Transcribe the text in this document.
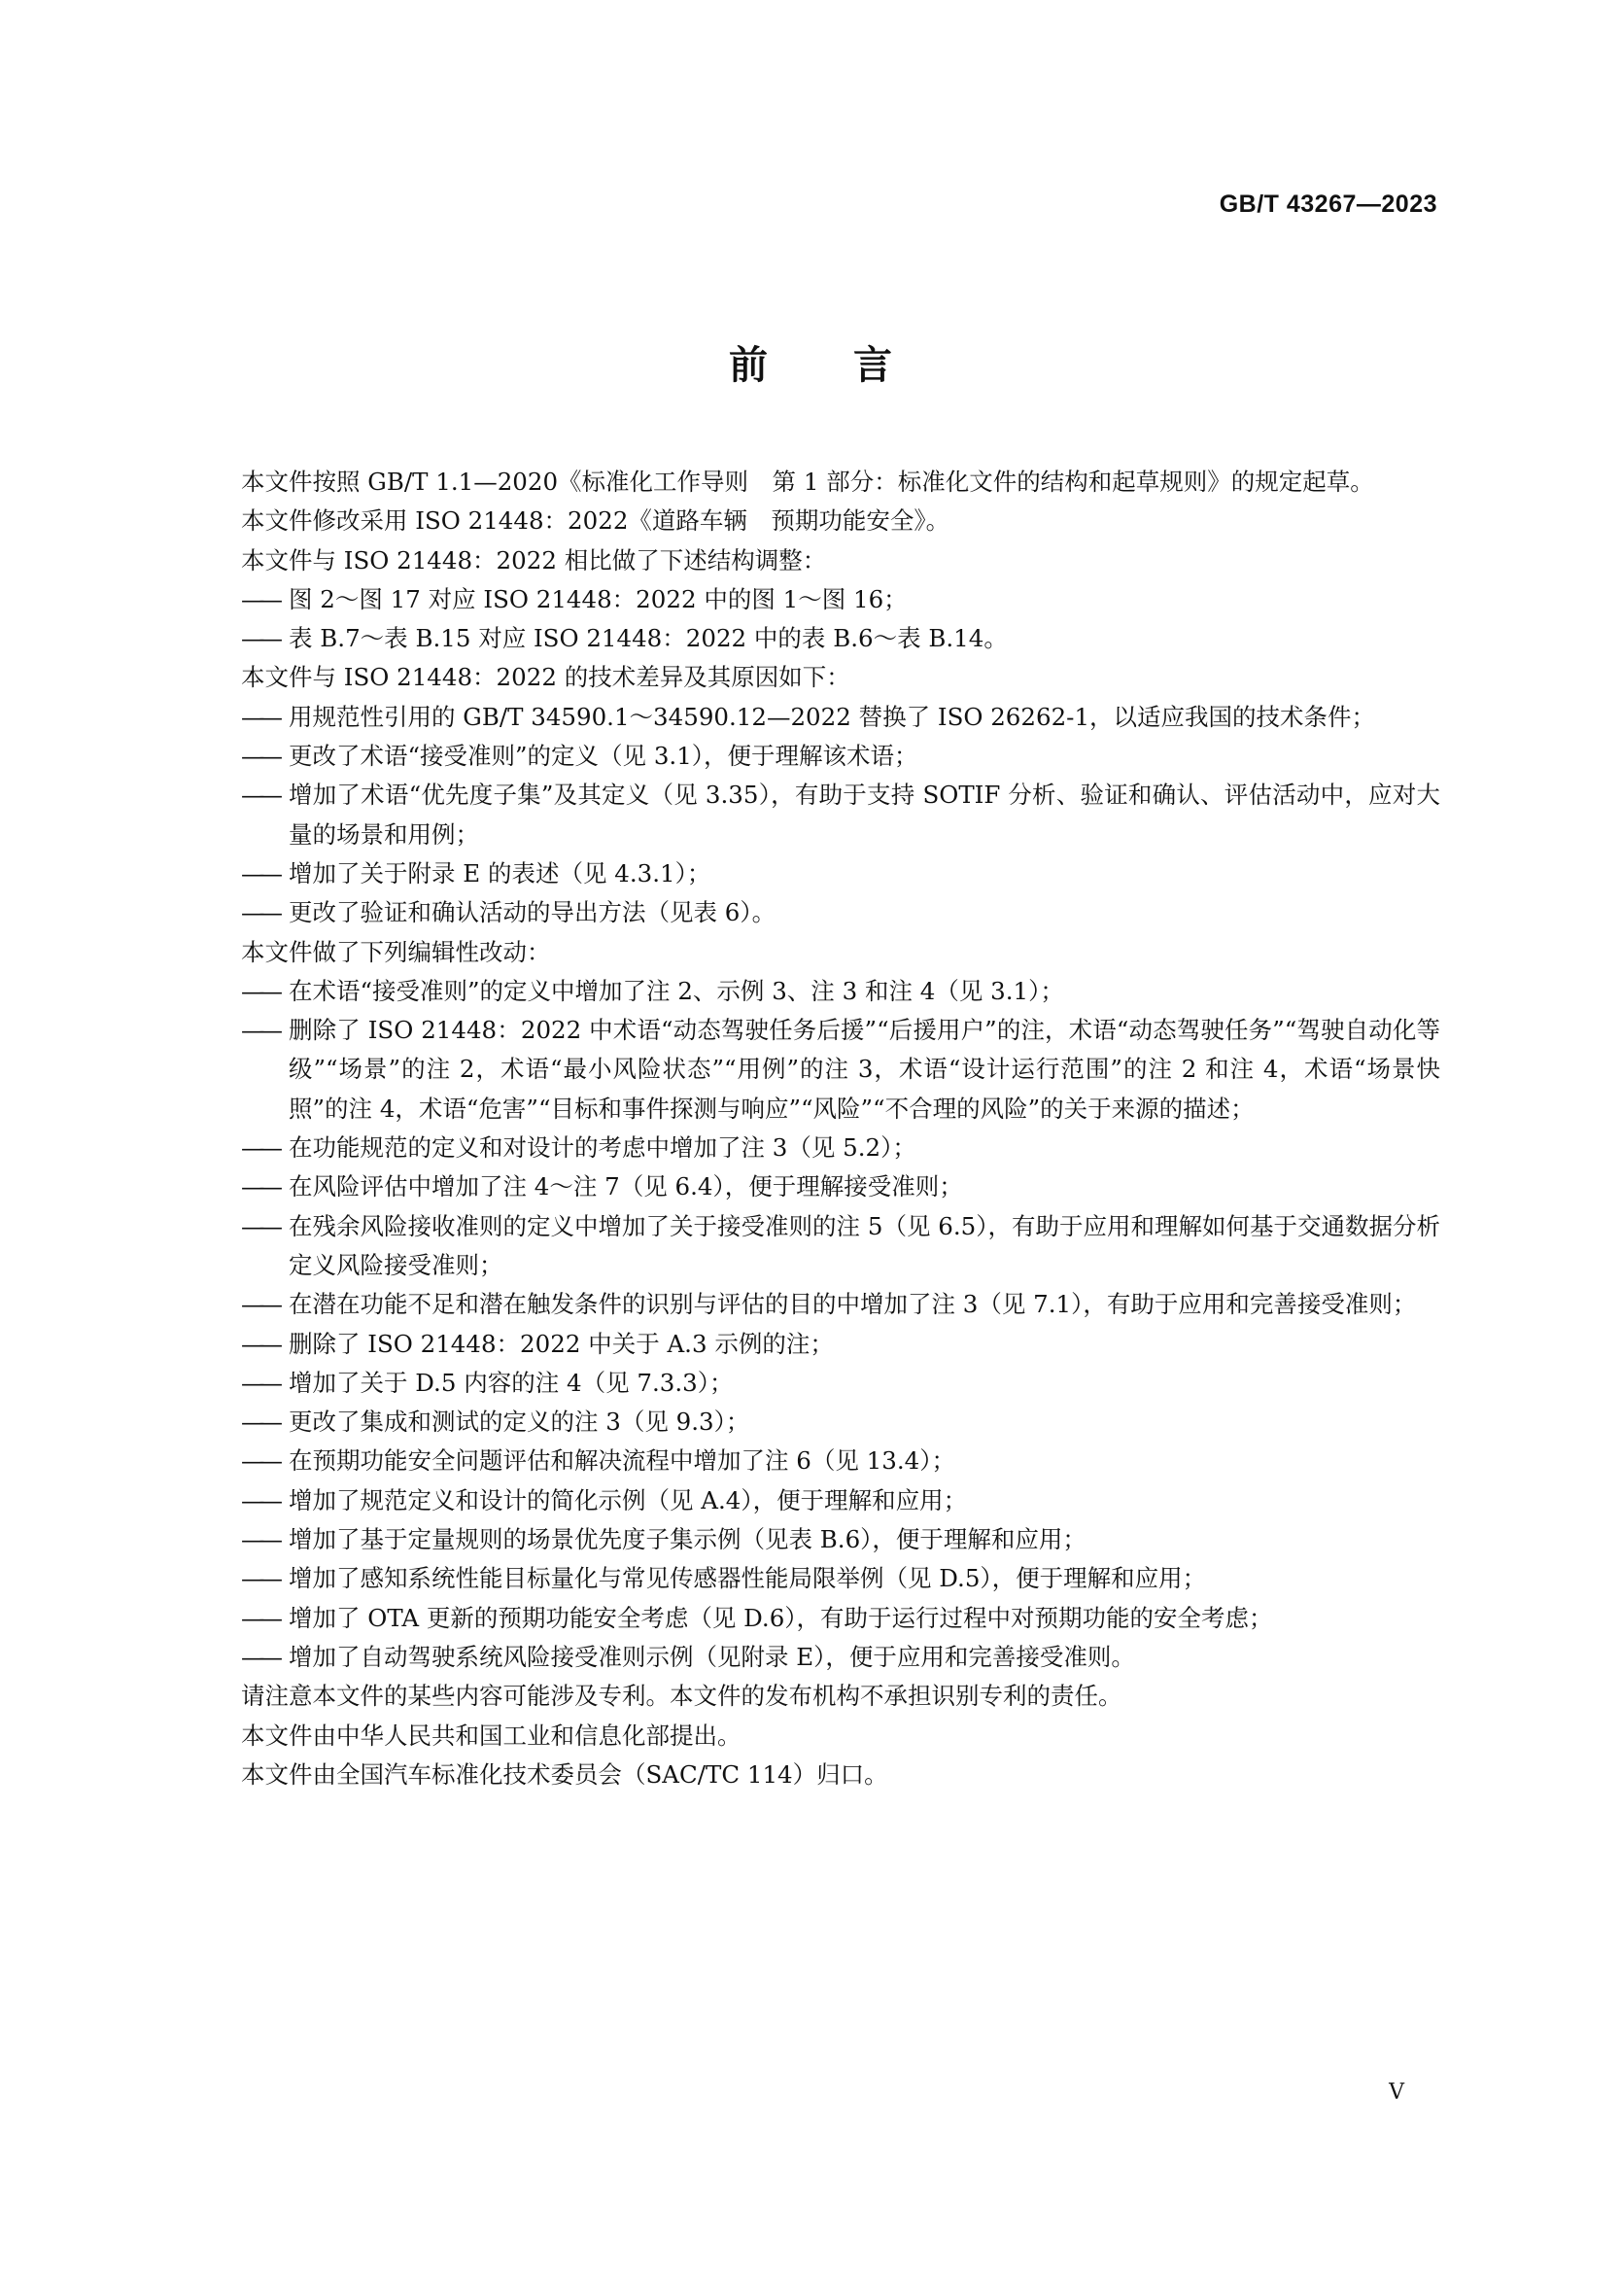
GB/T 43267—2023
前言

本文件按照 GB/T 1.1—2020《标准化工作导则　第 1 部分：标准化文件的结构和起草规则》的规定起草。

本文件修改采用 ISO 21448：2022《道路车辆　预期功能安全》。

本文件与 ISO 21448：2022 相比做了下述结构调整：

—— 图 2～图 17 对应 ISO 21448：2022 中的图 1～图 16；
—— 表 B.7～表 B.15 对应 ISO 21448：2022 中的表 B.6～表 B.14。

本文件与 ISO 21448：2022 的技术差异及其原因如下：

—— 用规范性引用的 GB/T 34590.1～34590.12—2022 替换了 ISO 26262-1，以适应我国的技术条件；
—— 更改了术语“接受准则”的定义（见 3.1），便于理解该术语；
—— 增加了术语“优先度子集”及其定义（见 3.35），有助于支持 SOTIF 分析、验证和确认、评估活动中，应对大量的场景和用例；
—— 增加了关于附录 E 的表述（见 4.3.1）；
—— 更改了验证和确认活动的导出方法（见表 6）。

本文件做了下列编辑性改动：

—— 在术语“接受准则”的定义中增加了注 2、示例 3、注 3 和注 4（见 3.1）；
—— 删除了 ISO 21448：2022 中术语“动态驾驶任务后援”“后援用户”的注，术语“动态驾驶任务”“驾驶自动化等级”“场景”的注 2，术语“最小风险状态”“用例”的注 3，术语“设计运行范围”的注 2 和注 4，术语“场景快照”的注 4，术语“危害”“目标和事件探测与响应”“风险”“不合理的风险”的关于来源的描述；
—— 在功能规范的定义和对设计的考虑中增加了注 3（见 5.2）；
—— 在风险评估中增加了注 4～注 7（见 6.4），便于理解接受准则；
—— 在残余风险接收准则的定义中增加了关于接受准则的注 5（见 6.5），有助于应用和理解如何基于交通数据分析定义风险接受准则；
—— 在潜在功能不足和潜在触发条件的识别与评估的目的中增加了注 3（见 7.1），有助于应用和完善接受准则；
—— 删除了 ISO 21448：2022 中关于 A.3 示例的注；
—— 增加了关于 D.5 内容的注 4（见 7.3.3）；
—— 更改了集成和测试的定义的注 3（见 9.3）；
—— 在预期功能安全问题评估和解决流程中增加了注 6（见 13.4）；
—— 增加了规范定义和设计的简化示例（见 A.4），便于理解和应用；
—— 增加了基于定量规则的场景优先度子集示例（见表 B.6），便于理解和应用；
—— 增加了感知系统性能目标量化与常见传感器性能局限举例（见 D.5），便于理解和应用；
—— 增加了 OTA 更新的预期功能安全考虑（见 D.6），有助于运行过程中对预期功能的安全考虑；
—— 增加了自动驾驶系统风险接受准则示例（见附录 E），便于应用和完善接受准则。

请注意本文件的某些内容可能涉及专利。本文件的发布机构不承担识别专利的责任。

本文件由中华人民共和国工业和信息化部提出。

本文件由全国汽车标准化技术委员会（SAC/TC 114）归口。

V
